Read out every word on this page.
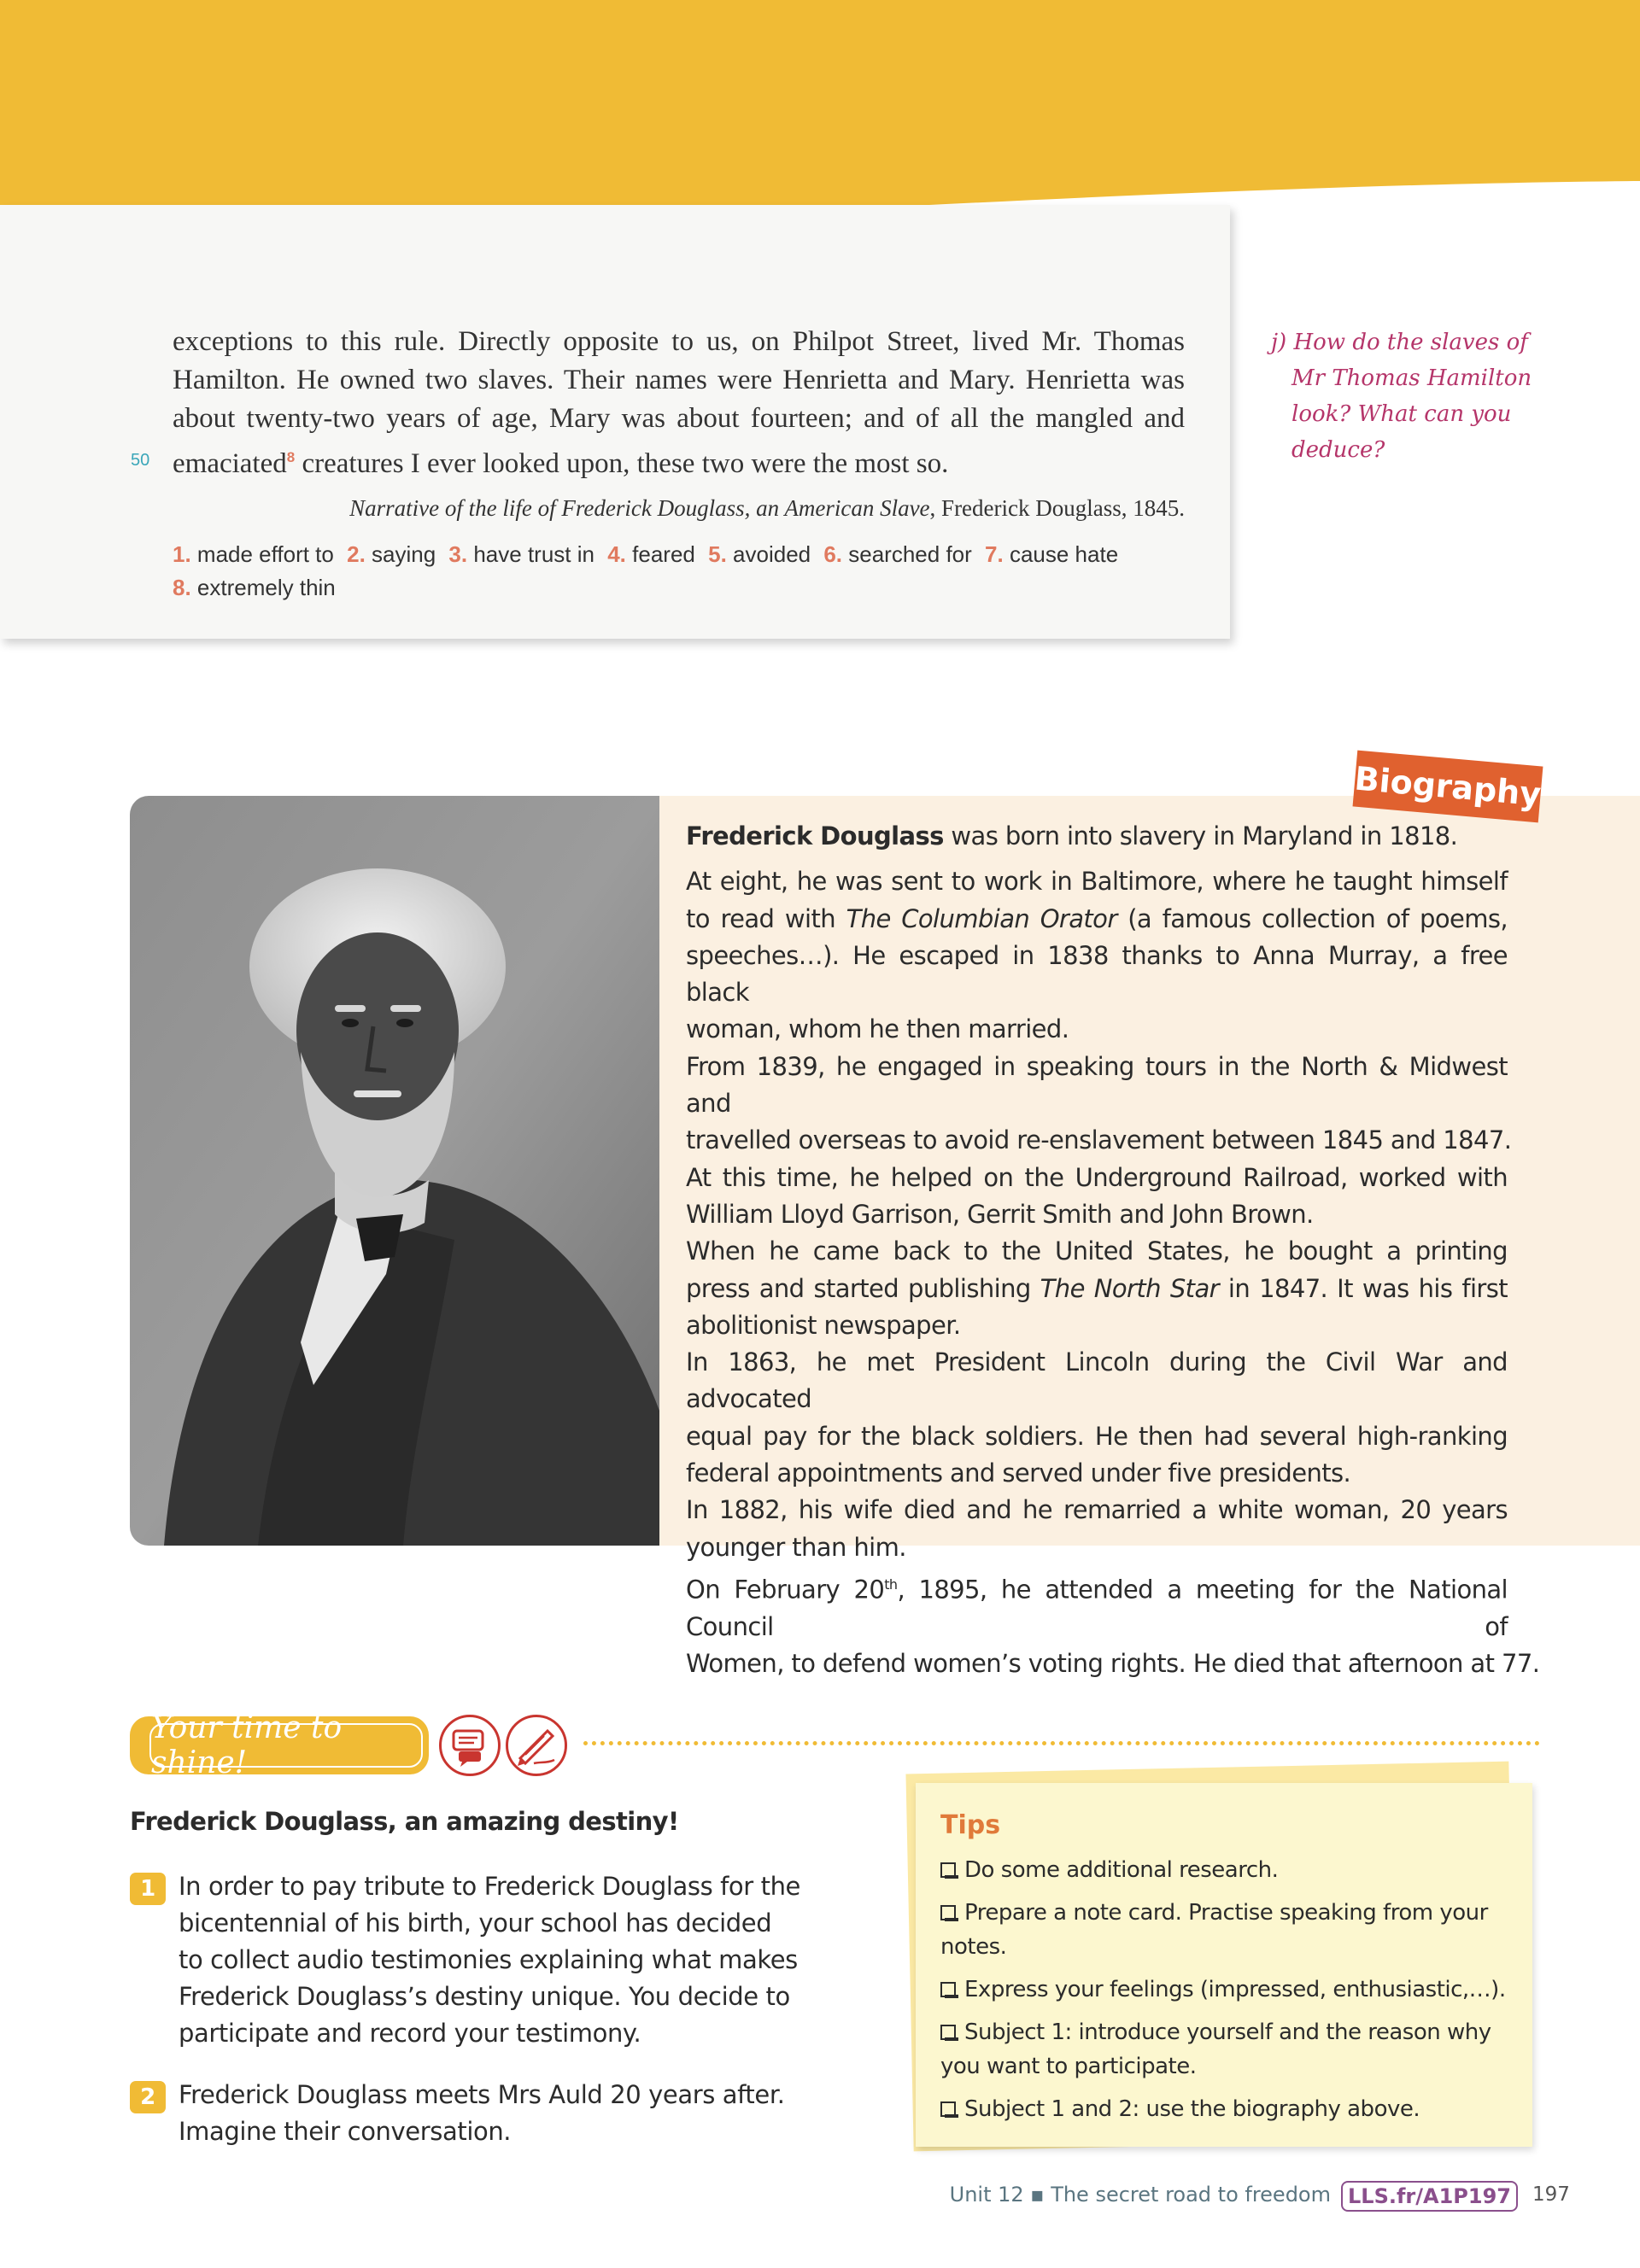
50
exceptions to this rule. Directly opposite to us, on Philpot Street, lived Mr. Thomas
Hamilton. He owned two slaves. Their names were Henrietta and Mary. Henrietta was
about twenty-two years of age, Mary was about fourteen; and of all the mangled and
emaciated$^8$ creatures I ever looked upon, these two were the most so.
Narrative of the life of Frederick Douglass, an American Slave, Frederick Douglass, 1845.
1. made effort to 2. saying 3. have trust in 4. feared 5. avoided 6. searched for 7. cause hate
8. extremely thin
j) How do the slaves of
Mr Thomas Hamilton
look? What can you
deduce?
Biography
Frederick Douglass was born into slavery in Maryland in 1818.
At eight, he was sent to work in Baltimore, where he taught himself
to read with The Columbian Orator (a famous collection of poems,
speeches…). He escaped in 1838 thanks to Anna Murray, a free black
woman, whom he then married.
From 1839, he engaged in speaking tours in the North & Midwest and
travelled overseas to avoid re-enslavement between 1845 and 1847.
At this time, he helped on the Underground Railroad, worked with
William Lloyd Garrison, Gerrit Smith and John Brown.
When he came back to the United States, he bought a printing
press and started publishing The North Star in 1847. It was his first
abolitionist newspaper.
In 1863, he met President Lincoln during the Civil War and advocated
equal pay for the black soldiers. He then had several high-ranking
federal appointments and served under five presidents.
In 1882, his wife died and he remarried a white woman, 20 years
younger than him.
On February 20th, 1895, he attended a meeting for the National Council of
Women, to defend women’s voting rights. He died that afternoon at 77.
Your time to shine!
Frederick Douglass, an amazing destiny!
1 In order to pay tribute to Frederick Douglass for the
bicentennial of his birth, your school has decided
to collect audio testimonies explaining what makes
Frederick Douglass’s destiny unique. You decide to
participate and record your testimony.
2 Frederick Douglass meets Mrs Auld 20 years after.
Imagine their conversation.
Tips
Do some additional research.
Prepare a note card. Practise speaking from your notes.
Express your feelings (impressed, enthusiastic,…).
Subject 1: introduce yourself and the reason why you want to participate.
Subject 1 and 2: use the biography above.
Unit 12 ▪ The secret road to freedom LLS.fr/A1P197	197
